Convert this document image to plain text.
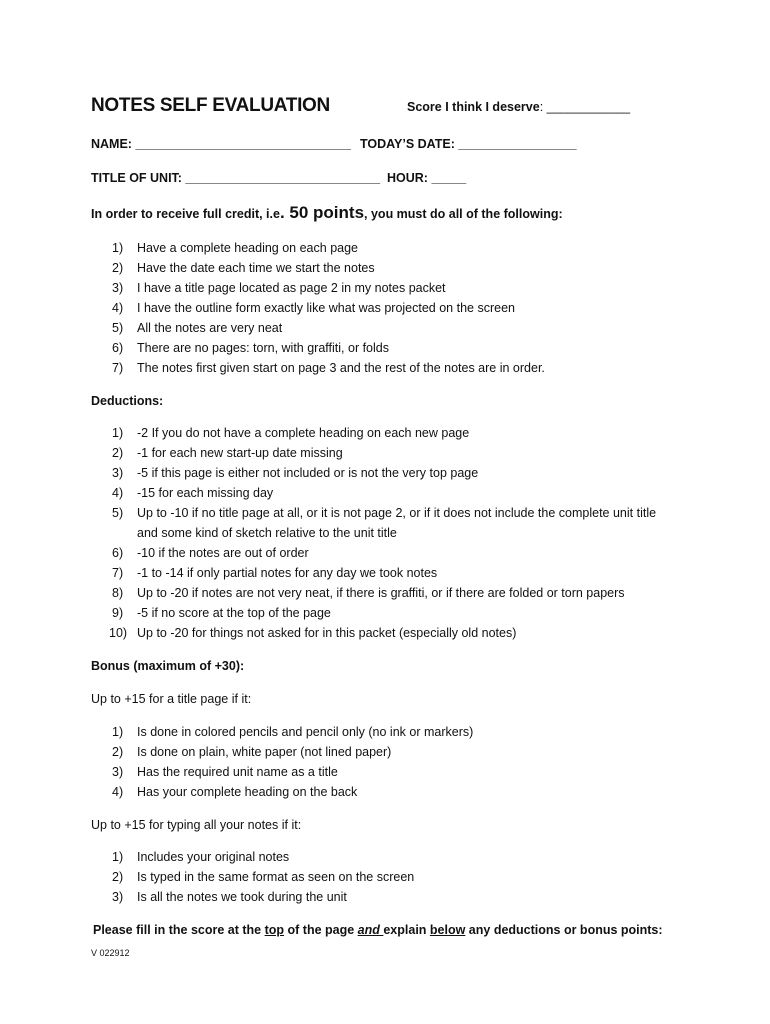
NOTES SELF EVALUATION	Score I think I deserve: ____________
NAME: _______________________________ TODAY’S DATE: _________________
TITLE OF UNIT: ____________________________ HOUR: _____
In order to receive full credit, i.e. 50 points, you must do all of the following:
1) Have a complete heading on each page
2) Have the date each time we start the notes
3) I have a title page located as page 2 in my notes packet
4) I have the outline form exactly like what was projected on the screen
5) All the notes are very neat
6) There are no pages: torn, with graffiti, or folds
7) The notes first given start on page 3 and the rest of the notes are in order.
Deductions:
1) -2 If you do not have a complete heading on each new page
2) -1 for each new start-up date missing
3) -5 if this page is either not included or is not the very top page
4) -15 for each missing day
5) Up to -10 if no title page at all, or it is not page 2, or if it does not include the complete unit title
and some kind of sketch relative to the unit title
6) -10 if the notes are out of order
7) -1 to -14 if only partial notes for any day we took notes
8) Up to -20 if notes are not very neat, if there is graffiti, or if there are folded or torn papers
9) -5 if no score at the top of the page
10) Up to -20 for things not asked for in this packet (especially old notes)
Bonus (maximum of +30):
Up to +15 for a title page if it:
1) Is done in colored pencils and pencil only (no ink or markers)
2) Is done on plain, white paper (not lined paper)
3) Has the required unit name as a title
4) Has your complete heading on the back
Up to +15 for typing all your notes if it:
1) Includes your original notes
2) Is typed in the same format as seen on the screen
3) Is all the notes we took during the unit
Please fill in the score at the top of the page and explain below any deductions or bonus points:
V 022912
